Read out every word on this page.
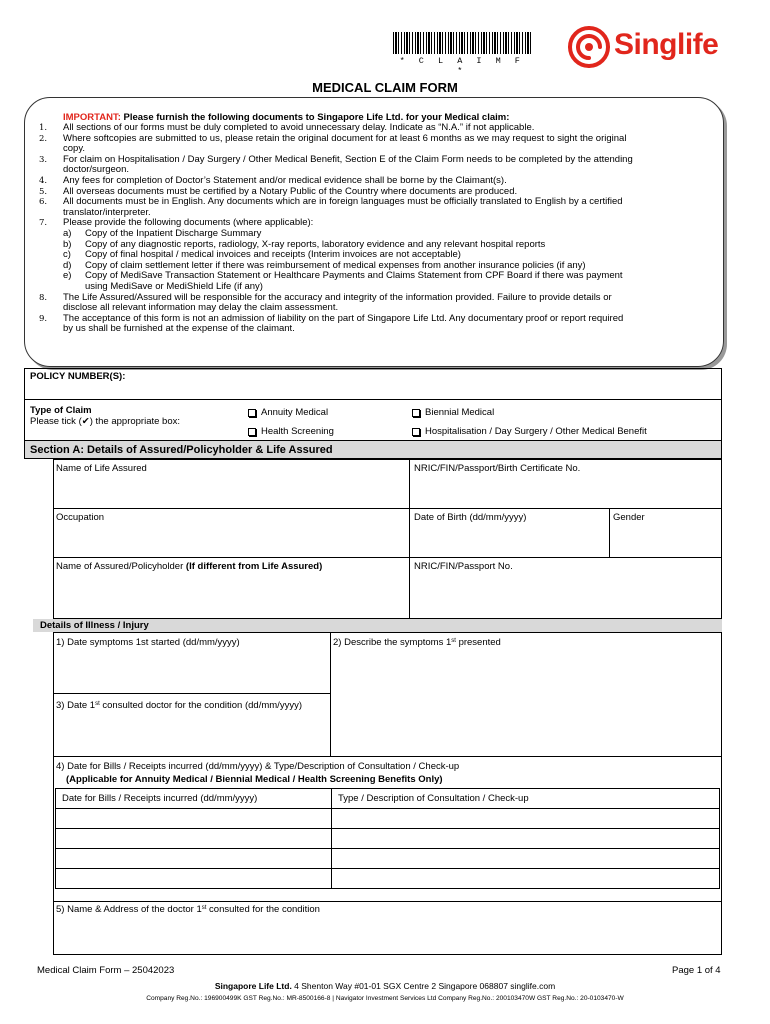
* C L A I M F *
Singlife
MEDICAL CLAIM FORM
IMPORTANT: Please furnish the following documents to Singapore Life Ltd. for your Medical claim:
1. All sections of our forms must be duly completed to avoid unnecessary delay. Indicate as “N.A.” if not applicable.
2. Where softcopies are submitted to us, please retain the original document for at least 6 months as we may request to sight the original
copy.
3. For claim on Hospitalisation / Day Surgery / Other Medical Benefit, Section E of the Claim Form needs to be completed by the attending
doctor/surgeon.
4. Any fees for completion of Doctor’s Statement and/or medical evidence shall be borne by the Claimant(s).
5. All overseas documents must be certified by a Notary Public of the Country where documents are produced.
6. All documents must be in English. Any documents which are in foreign languages must be officially translated to English by a certified
translator/interpreter.
7. Please provide the following documents (where applicable):
a) Copy of the Inpatient Discharge Summary
b) Copy of any diagnostic reports, radiology, X-ray reports, laboratory evidence and any relevant hospital reports
c) Copy of final hospital / medical invoices and receipts (Interim invoices are not acceptable)
d) Copy of claim settlement letter if there was reimbursement of medical expenses from another insurance policies (if any)
e) Copy of MediSave Transaction Statement or Healthcare Payments and Claims Statement from CPF Board if there was payment
using MediSave or MediShield Life (if any)
8. The Life Assured/Assured will be responsible for the accuracy and integrity of the information provided. Failure to provide details or
disclose all relevant information may delay the claim assessment.
9. The acceptance of this form is not an admission of liability on the part of Singapore Life Ltd. Any documentary proof or report required
by us shall be furnished at the expense of the claimant.
POLICY NUMBER(S):
Type of Claim
Please tick (✔) the appropriate box:
Annuity Medical	Biennial Medical
Health Screening	Hospitalisation / Day Surgery / Other Medical Benefit
Section A: Details of Assured/Policyholder & Life Assured
Name of Life Assured	NRIC/FIN/Passport/Birth Certificate No.
Occupation	Date of Birth (dd/mm/yyyy)	Gender
Name of Assured/Policyholder (If different from Life Assured)	NRIC/FIN/Passport No.
Details of Illness / Injury
1) Date symptoms 1st started (dd/mm/yyyy)	2) Describe the symptoms 1st presented
3) Date 1st consulted doctor for the condition (dd/mm/yyyy)
4) Date for Bills / Receipts incurred (dd/mm/yyyy) & Type/Description of Consultation / Check-up
(Applicable for Annuity Medical / Biennial Medical / Health Screening Benefits Only)
Date for Bills / Receipts incurred (dd/mm/yyyy)	Type / Description of Consultation / Check-up
5) Name & Address of the doctor 1st consulted for the condition
Medical Claim Form – 25042023	Page 1 of 4
Singapore Life Ltd. 4 Shenton Way #01-01 SGX Centre 2 Singapore 068807 singlife.com
Company Reg.No.: 196900499K GST Reg.No.: MR-8500166-8 | Navigator Investment Services Ltd Company Reg.No.: 200103470W GST Reg.No.: 20-0103470-W
